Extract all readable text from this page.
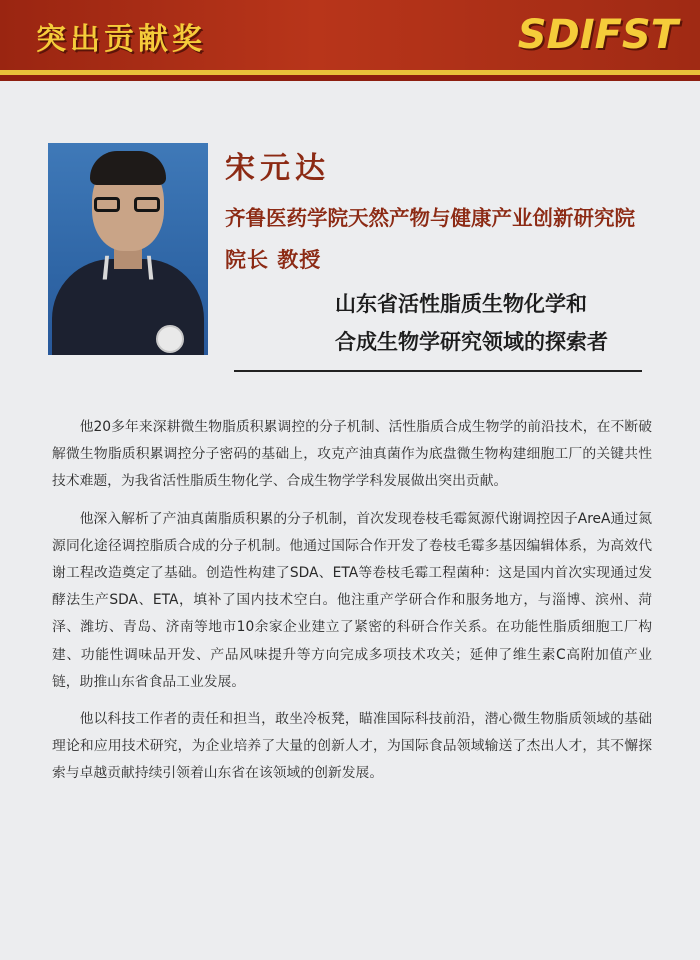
突出贡献奖	SDIFST
宋元达
齐鲁医药学院天然产物与健康产业创新研究院
院长 教授
山东省活性脂质生物化学和
合成生物学研究领域的探索者

他20多年来深耕微生物脂质积累调控的分子机制、活性脂质合成生物学的前沿技术，在不断破解微生物脂质积累调控分子密码的基础上，攻克产油真菌作为底盘微生物构建细胞工厂的关键共性技术难题，为我省活性脂质生物化学、合成生物学学科发展做出突出贡献。

他深入解析了产油真菌脂质积累的分子机制，首次发现卷枝毛霉氮源代谢调控因子AreA通过氮源同化途径调控脂质合成的分子机制。他通过国际合作开发了卷枝毛霉多基因编辑体系，为高效代谢工程改造奠定了基础。创造性构建了SDA、ETA等卷枝毛霉工程菌种：这是国内首次实现通过发酵法生产SDA、ETA，填补了国内技术空白。他注重产学研合作和服务地方，与淄博、滨州、菏泽、潍坊、青岛、济南等地市10余家企业建立了紧密的科研合作关系。在功能性脂质细胞工厂构建、功能性调味品开发、产品风味提升等方向完成多项技术攻关；延伸了维生素C高附加值产业链，助推山东省食品工业发展。

他以科技工作者的责任和担当，敢坐冷板凳，瞄准国际科技前沿，潜心微生物脂质领域的基础理论和应用技术研究，为企业培养了大量的创新人才，为国际食品领域输送了杰出人才，其不懈探索与卓越贡献持续引领着山东省在该领域的创新发展。
